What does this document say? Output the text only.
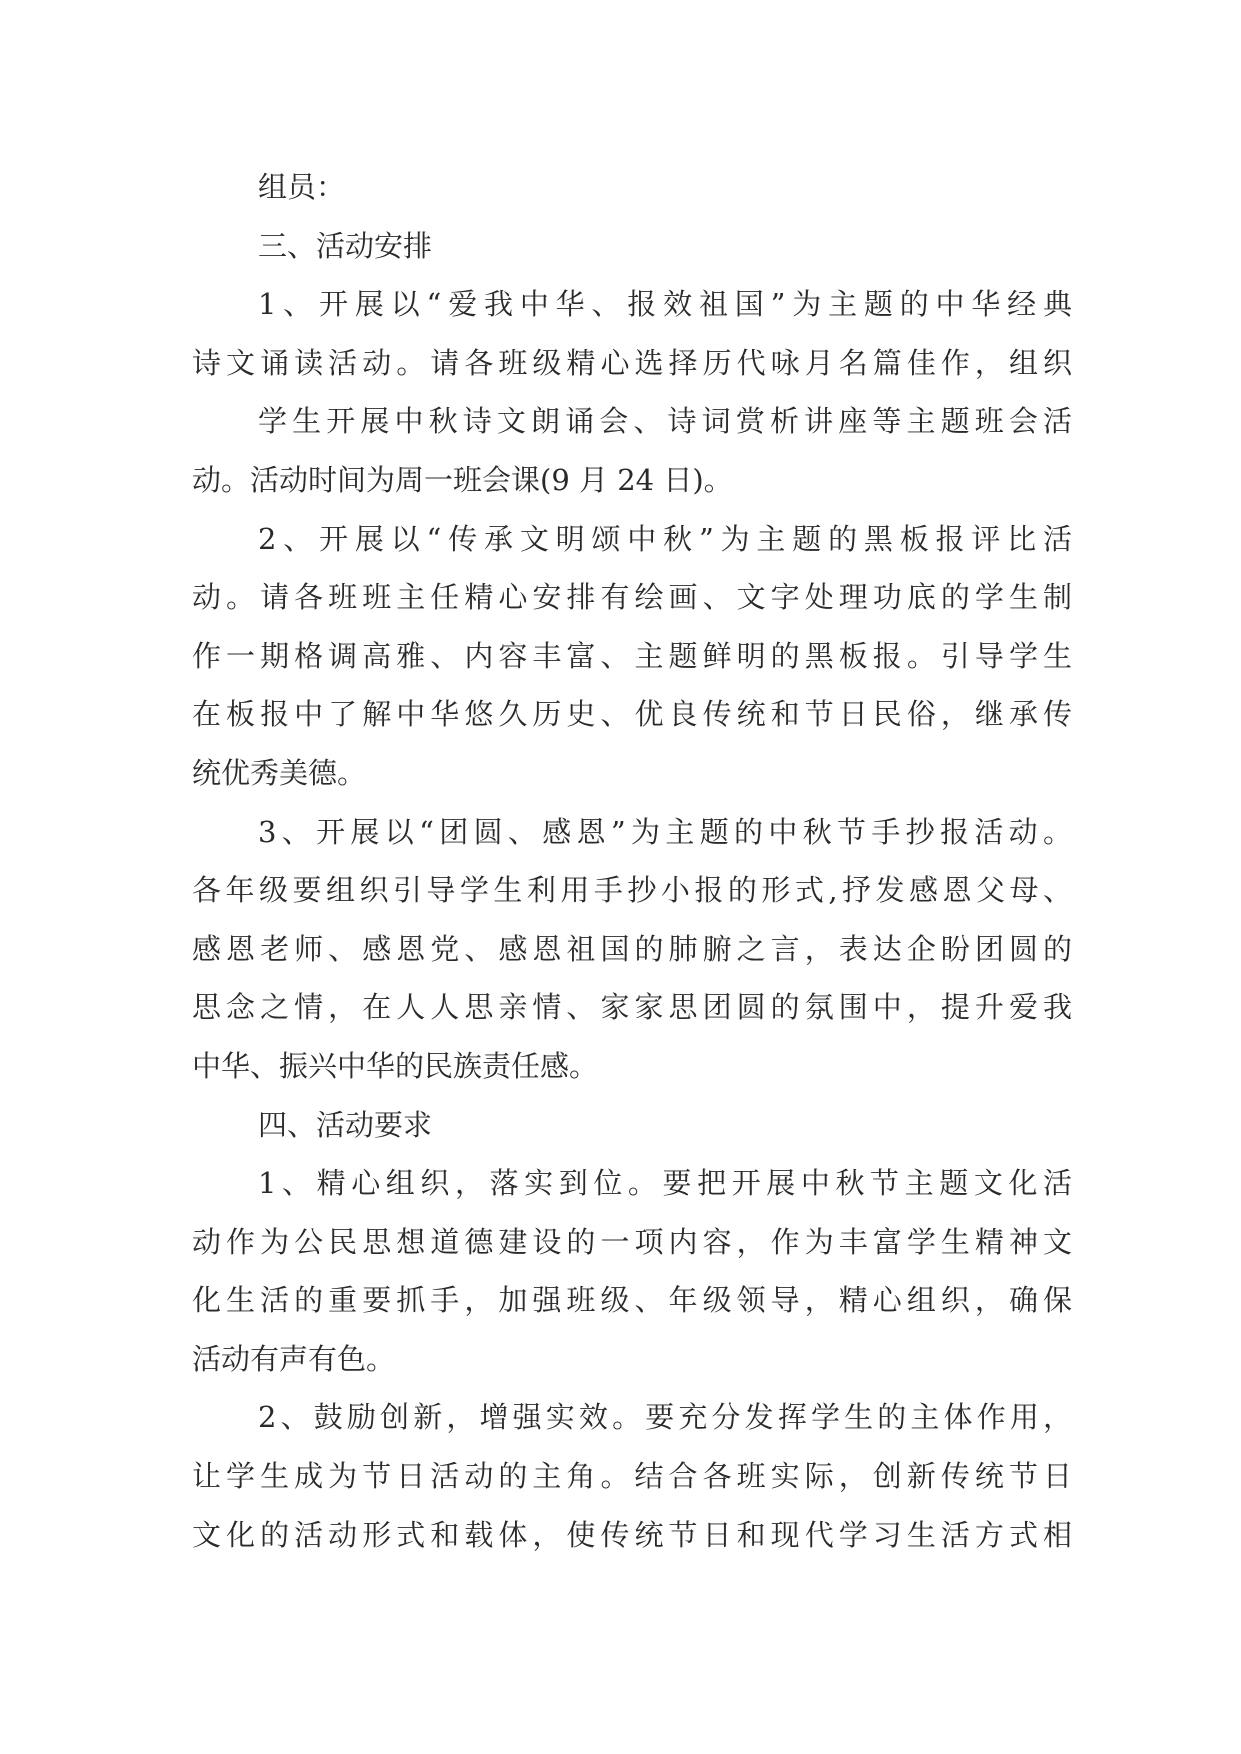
组员：
三、活动安排
1、开展以“爱我中华、报效祖国”为主题的中华经典
诗文诵读活动。请各班级精心选择历代咏月名篇佳作，组织
学生开展中秋诗文朗诵会、诗词赏析讲座等主题班会活
动。活动时间为周一班会课(9 月 24 日)。
2、开展以“传承文明颂中秋”为主题的黑板报评比活
动。请各班班主任精心安排有绘画、文字处理功底的学生制
作一期格调高雅、内容丰富、主题鲜明的黑板报。引导学生
在板报中了解中华悠久历史、优良传统和节日民俗，继承传
统优秀美德。
3、开展以“团圆、感恩”为主题的中秋节手抄报活动。
各年级要组织引导学生利用手抄小报的形式,抒发感恩父母、
感恩老师、感恩党、感恩祖国的肺腑之言，表达企盼团圆的
思念之情，在人人思亲情、家家思团圆的氛围中，提升爱我
中华、振兴中华的民族责任感。
四、活动要求
1、精心组织，落实到位。要把开展中秋节主题文化活
动作为公民思想道德建设的一项内容，作为丰富学生精神文
化生活的重要抓手，加强班级、年级领导，精心组织，确保
活动有声有色。
2、鼓励创新，增强实效。要充分发挥学生的主体作用，
让学生成为节日活动的主角。结合各班实际，创新传统节日
文化的活动形式和载体，使传统节日和现代学习生活方式相
